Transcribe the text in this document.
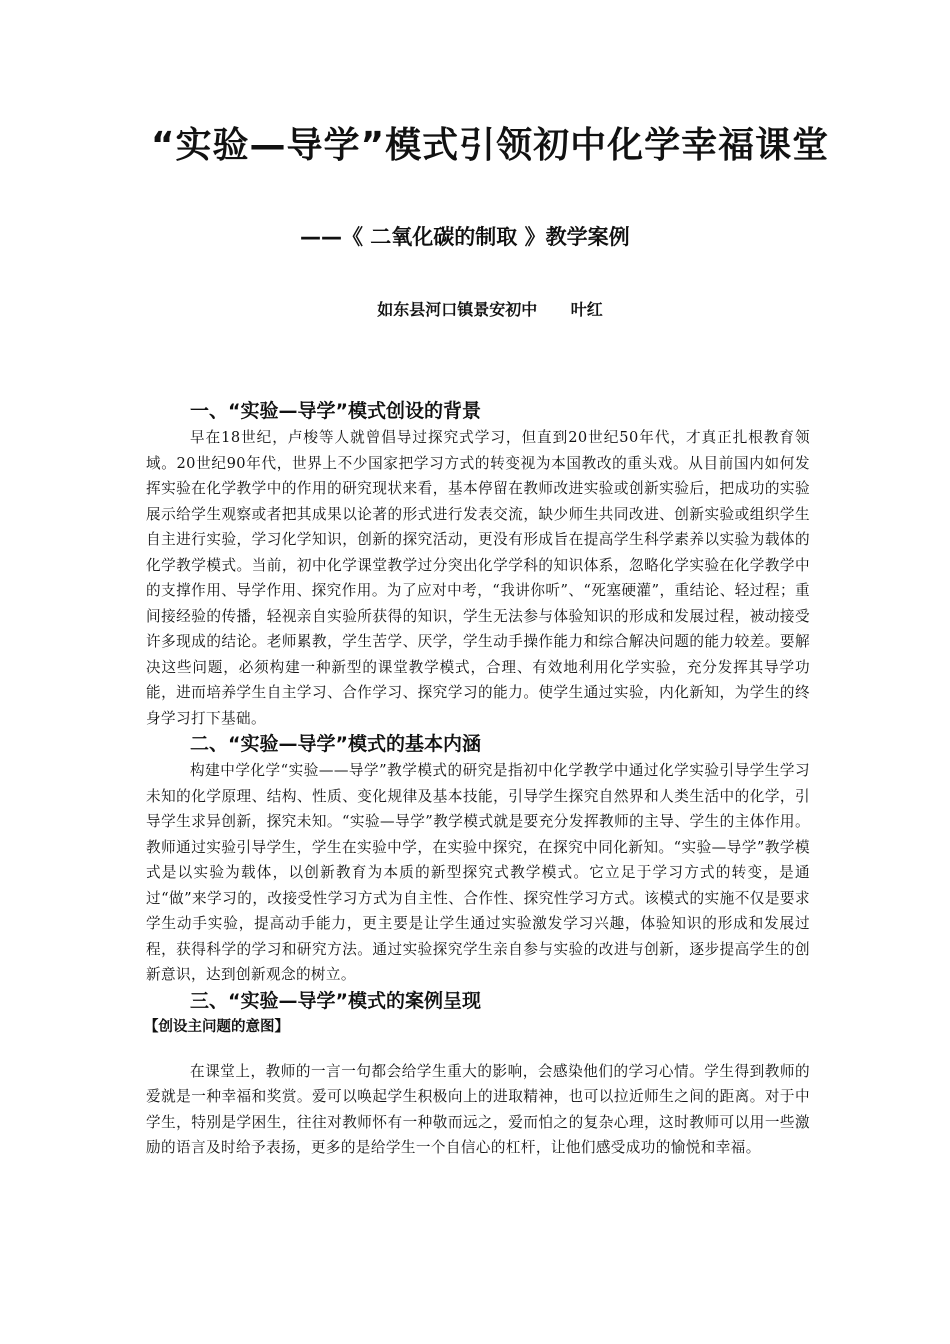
“实验—导学”模式引领初中化学幸福课堂
——《 二氧化碳的制取 》教学案例
如东县河口镇景安初中      叶红
一、“实验—导学”模式创设的背景

早在18世纪，卢梭等人就曾倡导过探究式学习，但直到20世纪50年代，才真正扎根教育领域。20世纪90年代，世界上不少国家把学习方式的转变视为本国教改的重头戏。从目前国内如何发挥实验在化学教学中的作用的研究现状来看，基本停留在教师改进实验或创新实验后，把成功的实验展示给学生观察或者把其成果以论著的形式进行发表交流，缺少师生共同改进、创新实验或组织学生自主进行实验，学习化学知识，创新的探究活动，更没有形成旨在提高学生科学素养以实验为载体的化学教学模式。当前，初中化学课堂教学过分突出化学学科的知识体系，忽略化学实验在化学教学中的支撑作用、导学作用、探究作用。为了应对中考，“我讲你听”、“死塞硬灌”，重结论、轻过程；重间接经验的传播，轻视亲自实验所获得的知识，学生无法参与体验知识的形成和发展过程，被动接受许多现成的结论。老师累教，学生苦学、厌学，学生动手操作能力和综合解决问题的能力较差。要解决这些问题，必须构建一种新型的课堂教学模式，合理、有效地利用化学实验，充分发挥其导学功能，进而培养学生自主学习、合作学习、探究学习的能力。使学生通过实验，内化新知，为学生的终身学习打下基础。

二、“实验—导学”模式的基本内涵

构建中学化学“实验——导学”教学模式的研究是指初中化学教学中通过化学实验引导学生学习未知的化学原理、结构、性质、变化规律及基本技能，引导学生探究自然界和人类生活中的化学，引导学生求异创新，探究未知。“实验—导学”教学模式就是要充分发挥教师的主导、学生的主体作用。教师通过实验引导学生，学生在实验中学，在实验中探究，在探究中同化新知。“实验—导学”教学模式是以实验为载体，以创新教育为本质的新型探究式教学模式。它立足于学习方式的转变，是通过“做”来学习的，改接受性学习方式为自主性、合作性、探究性学习方式。该模式的实施不仅是要求学生动手实验，提高动手能力，更主要是让学生通过实验激发学习兴趣，体验知识的形成和发展过程，获得科学的学习和研究方法。通过实验探究学生亲自参与实验的改进与创新，逐步提高学生的创新意识，达到创新观念的树立。

三、“实验—导学”模式的案例呈现
【创设主问题的意图】

在课堂上，教师的一言一句都会给学生重大的影响，会感染他们的学习心情。学生得到教师的爱就是一种幸福和奖赏。爱可以唤起学生积极向上的进取精神，也可以拉近师生之间的距离。对于中学生，特别是学困生，往往对教师怀有一种敬而远之，爱而怕之的复杂心理，这时教师可以用一些激励的语言及时给予表扬，更多的是给学生一个自信心的杠杆，让他们感受成功的愉悦和幸福。
